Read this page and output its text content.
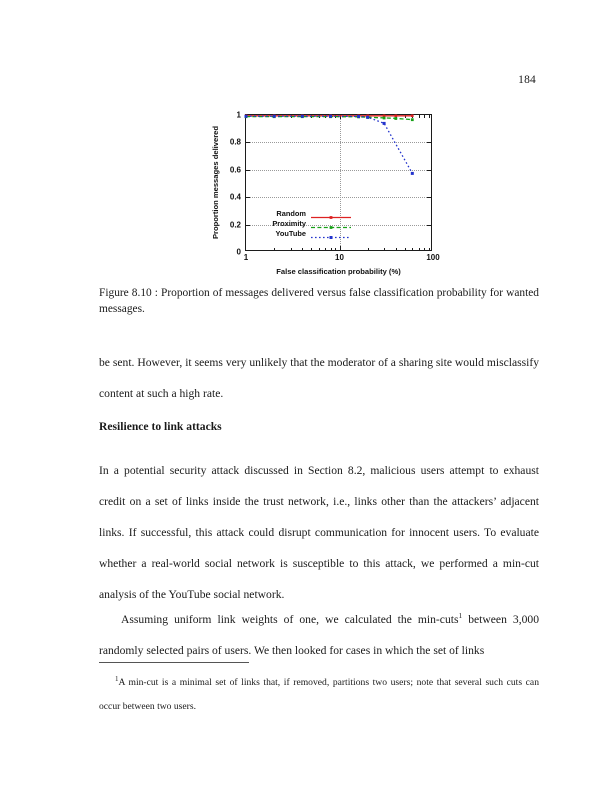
184
Proportion messages delivered
1
0.8
0.6
0.4
0.2
0
1	10	100
Random
Proximity
YouTube
False classification probability (%)
Figure 8.10 : Proportion of messages delivered versus false classification probability for wanted messages.
be sent. However, it seems very unlikely that the moderator of a sharing site would misclassify content at such a high rate.
Resilience to link attacks
In a potential security attack discussed in Section 8.2, malicious users attempt to exhaust credit on a set of links inside the trust network, i.e., links other than the attackers’ adjacent links. If successful, this attack could disrupt communication for innocent users. To evaluate whether a real-world social network is susceptible to this attack, we performed a min-cut analysis of the YouTube social network.
Assuming uniform link weights of one, we calculated the min-cuts$^1$ between 3,000 randomly selected pairs of users. We then looked for cases in which the set of links
$^1$A min-cut is a minimal set of links that, if removed, partitions two users; note that several such cuts can occur between two users.
